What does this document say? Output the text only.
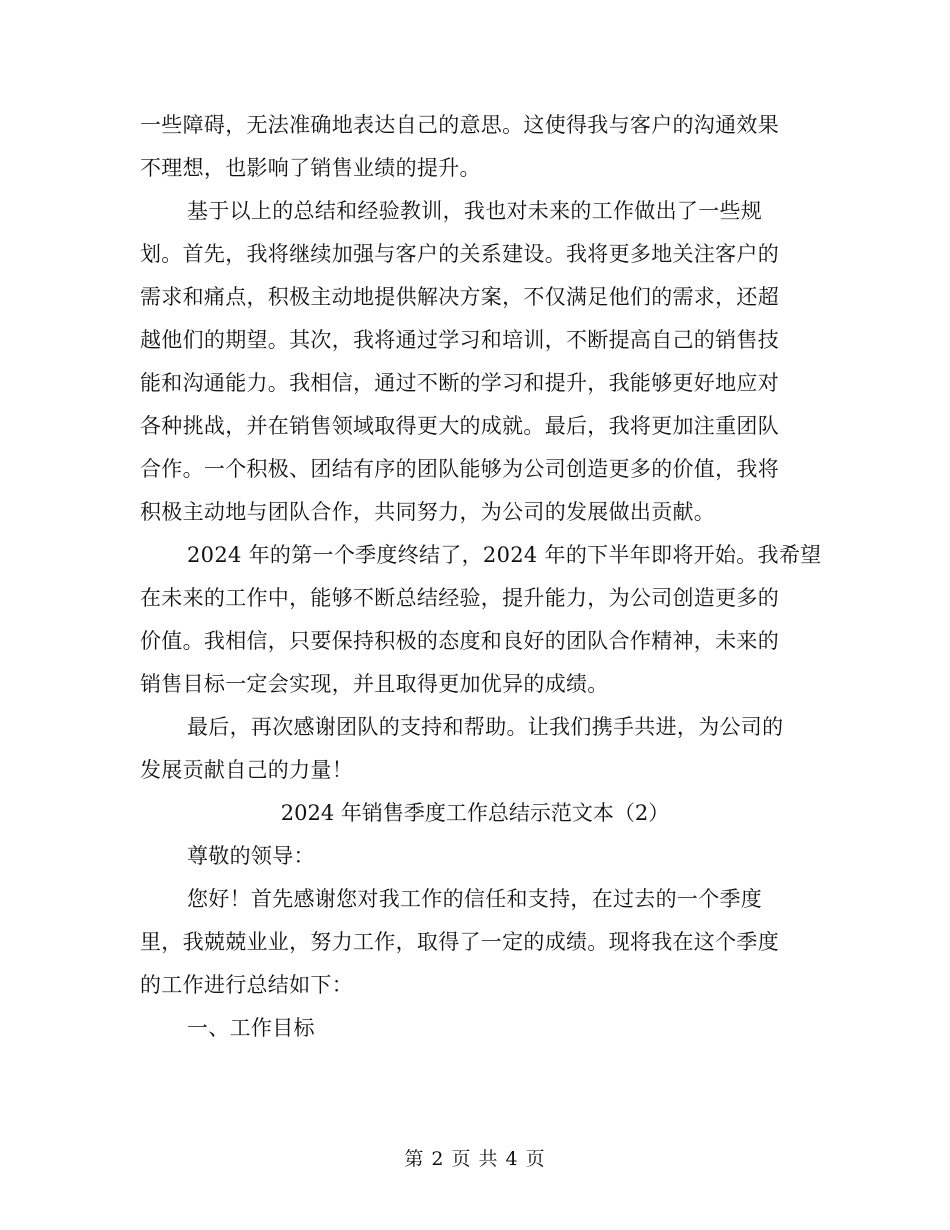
一些障碍，无法准确地表达自己的意思。这使得我与客户的沟通效果
不理想，也影响了销售业绩的提升。
基于以上的总结和经验教训，我也对未来的工作做出了一些规
划。首先，我将继续加强与客户的关系建设。我将更多地关注客户的
需求和痛点，积极主动地提供解决方案，不仅满足他们的需求，还超
越他们的期望。其次，我将通过学习和培训，不断提高自己的销售技
能和沟通能力。我相信，通过不断的学习和提升，我能够更好地应对
各种挑战，并在销售领域取得更大的成就。最后，我将更加注重团队
合作。一个积极、团结有序的团队能够为公司创造更多的价值，我将
积极主动地与团队合作，共同努力，为公司的发展做出贡献。
2024 年的第一个季度终结了，2024 年的下半年即将开始。我希望
在未来的工作中，能够不断总结经验，提升能力，为公司创造更多的
价值。我相信，只要保持积极的态度和良好的团队合作精神，未来的
销售目标一定会实现，并且取得更加优异的成绩。
最后，再次感谢团队的支持和帮助。让我们携手共进，为公司的
发展贡献自己的力量！
2024 年销售季度工作总结示范文本（2）
尊敬的领导：
您好！首先感谢您对我工作的信任和支持，在过去的一个季度
里，我兢兢业业，努力工作，取得了一定的成绩。现将我在这个季度
的工作进行总结如下：
一、工作目标
第 2 页 共 4 页
